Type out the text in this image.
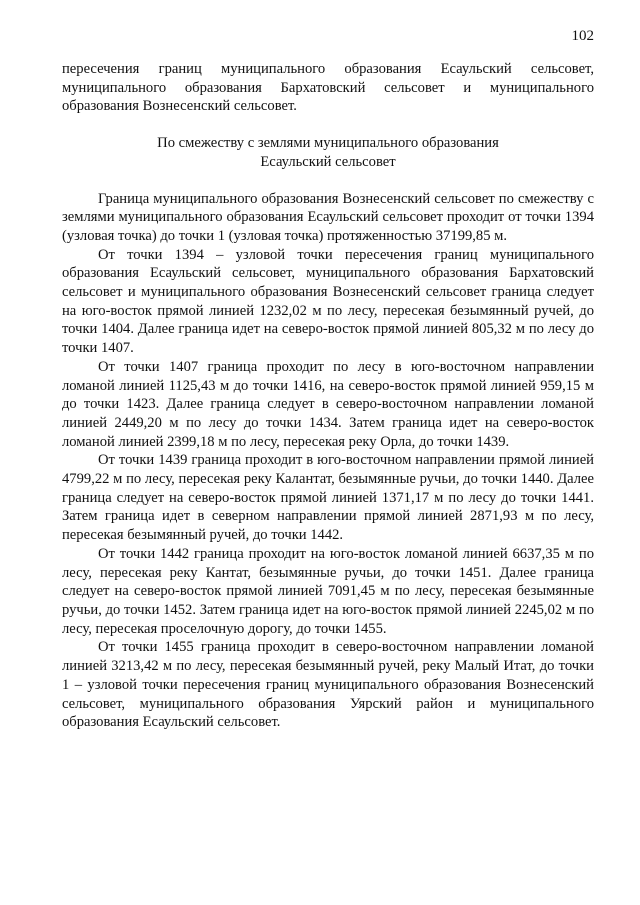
102

пересечения границ муниципального образования Есаульский сельсовет, муниципального образования Бархатовский сельсовет и муниципального образования Вознесенский сельсовет.

По смежеству с землями муниципального образования
Есаульский сельсовет

Граница муниципального образования Вознесенский сельсовет по смежеству с землями муниципального образования Есаульский сельсовет проходит от точки 1394 (узловая точка) до точки 1 (узловая точка) протяженностью 37199,85 м.

От точки 1394 – узловой точки пересечения границ муниципального образования Есаульский сельсовет, муниципального образования Бархатовский сельсовет и муниципального образования Вознесенский сельсовет граница следует на юго-восток прямой линией 1232,02 м по лесу, пересекая безымянный ручей, до точки 1404. Далее граница идет на северо-восток прямой линией 805,32 м по лесу до точки 1407.

От точки 1407 граница проходит по лесу в юго-восточном направлении ломаной линией 1125,43 м до точки 1416, на северо-восток прямой линией 959,15 м до точки 1423. Далее граница следует в северо-восточном направлении ломаной линией 2449,20 м по лесу до точки 1434. Затем граница идет на северо-восток ломаной линией 2399,18 м по лесу, пересекая реку Орла, до точки 1439.

От точки 1439 граница проходит в юго-восточном направлении прямой линией 4799,22 м по лесу, пересекая реку Калантат, безымянные ручьи, до точки 1440. Далее граница следует на северо-восток прямой линией 1371,17 м по лесу до точки 1441. Затем граница идет в северном направлении прямой линией 2871,93 м по лесу, пересекая безымянный ручей, до точки 1442.

От точки 1442 граница проходит на юго-восток ломаной линией 6637,35 м по лесу, пересекая реку Кантат, безымянные ручьи, до точки 1451. Далее граница следует на северо-восток прямой линией 7091,45 м по лесу, пересекая безымянные ручьи, до точки 1452. Затем граница идет на юго-восток прямой линией 2245,02 м по лесу, пересекая проселочную дорогу, до точки 1455.

От точки 1455 граница проходит в северо-восточном направлении ломаной линией 3213,42 м по лесу, пересекая безымянный ручей, реку Малый Итат, до точки 1 – узловой точки пересечения границ муниципального образования Вознесенский сельсовет, муниципального образования Уярский район и муниципального образования Есаульский сельсовет.
